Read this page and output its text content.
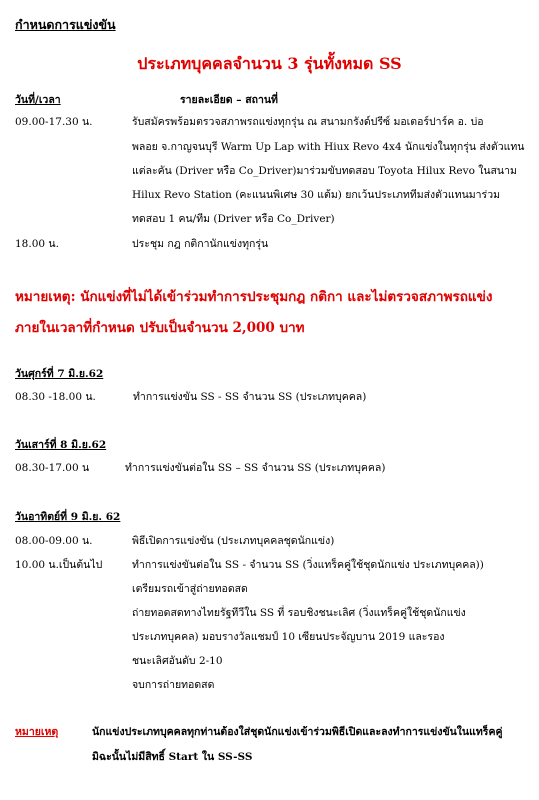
กำหนดการแข่งขัน
ประเภทบุคคลจำนวน 3 รุ่นทั้งหมด SS
วันที่/เวลา	รายละเอียด – สถานที่
09.00-17.30 น.	รับสมัครพร้อมตรวจสภาพรถแข่งทุกรุ่น ณ สนามกรังด์ปรีซ์ มอเตอร์ปาร์ค อ. บ่อ
พลอย จ.กาญจนบุรี Warm Up Lap with Hiux Revo 4x4 นักแข่งในทุกรุ่น ส่งตัวแทน
แต่ละคัน (Driver หรือ Co_Driver)มาร่วมขับทดสอบ Toyota Hilux Revo ในสนาม
Hilux Revo Station (คะแนนพิเศษ 30 แต้ม) ยกเว้นประเภททีมส่งตัวแทนมาร่วม
ทดสอบ 1 คน/ทีม (Driver หรือ Co_Driver)
18.00 น.	ประชุม กฎ กติกานักแข่งทุกรุ่น
หมายเหตุ: นักแข่งที่ไม่ได้เข้าร่วมทำการประชุมกฎ กติกา และไม่ตรวจสภาพรถแข่ง
ภายในเวลาที่กำหนด ปรับเป็นจำนวน 2,000 บาท
วันศุกร์ที่ 7 มิ.ย.62
08.30 -18.00 น.	ทำการแข่งขัน SS - SS จำนวน SS (ประเภทบุคคล)
วันเสาร์ที่ 8 มิ.ย.62
08.30-17.00 น	ทำการแข่งขันต่อใน SS – SS จำนวน SS (ประเภทบุคคล)
วันอาทิตย์ที่ 9 มิ.ย. 62
08.00-09.00 น.	พิธีเปิดการแข่งขัน (ประเภทบุคคลชุดนักแข่ง)
10.00 น.เป็นต้นไป	ทำการแข่งขันต่อใน SS - จำนวน SS (วิ่งแทร็คคู่ใช้ชุดนักแข่ง ประเภทบุคคล))
เตรียมรถเข้าสู่ถ่ายทอดสด
ถ่ายทอดสดทางไทยรัฐทีวีใน SS ที่ รอบชิงชนะเลิศ (วิ่งแทร็คคู่ใช้ชุดนักแข่ง
ประเภทบุคคล) มอบรางวัลแชมป์ 10 เซียนประจัญบาน 2019 และรอง
ชนะเลิศอันดับ 2-10
จบการถ่ายทอดสด
หมายเหตุ	นักแข่งประเภทบุคคลทุกท่านต้องใส่ชุดนักแข่งเข้าร่วมพิธีเปิดและลงทำการแข่งขันในแทร็คคู่
มิฉะนั้นไม่มีสิทธิ์ Start ใน SS-SS
